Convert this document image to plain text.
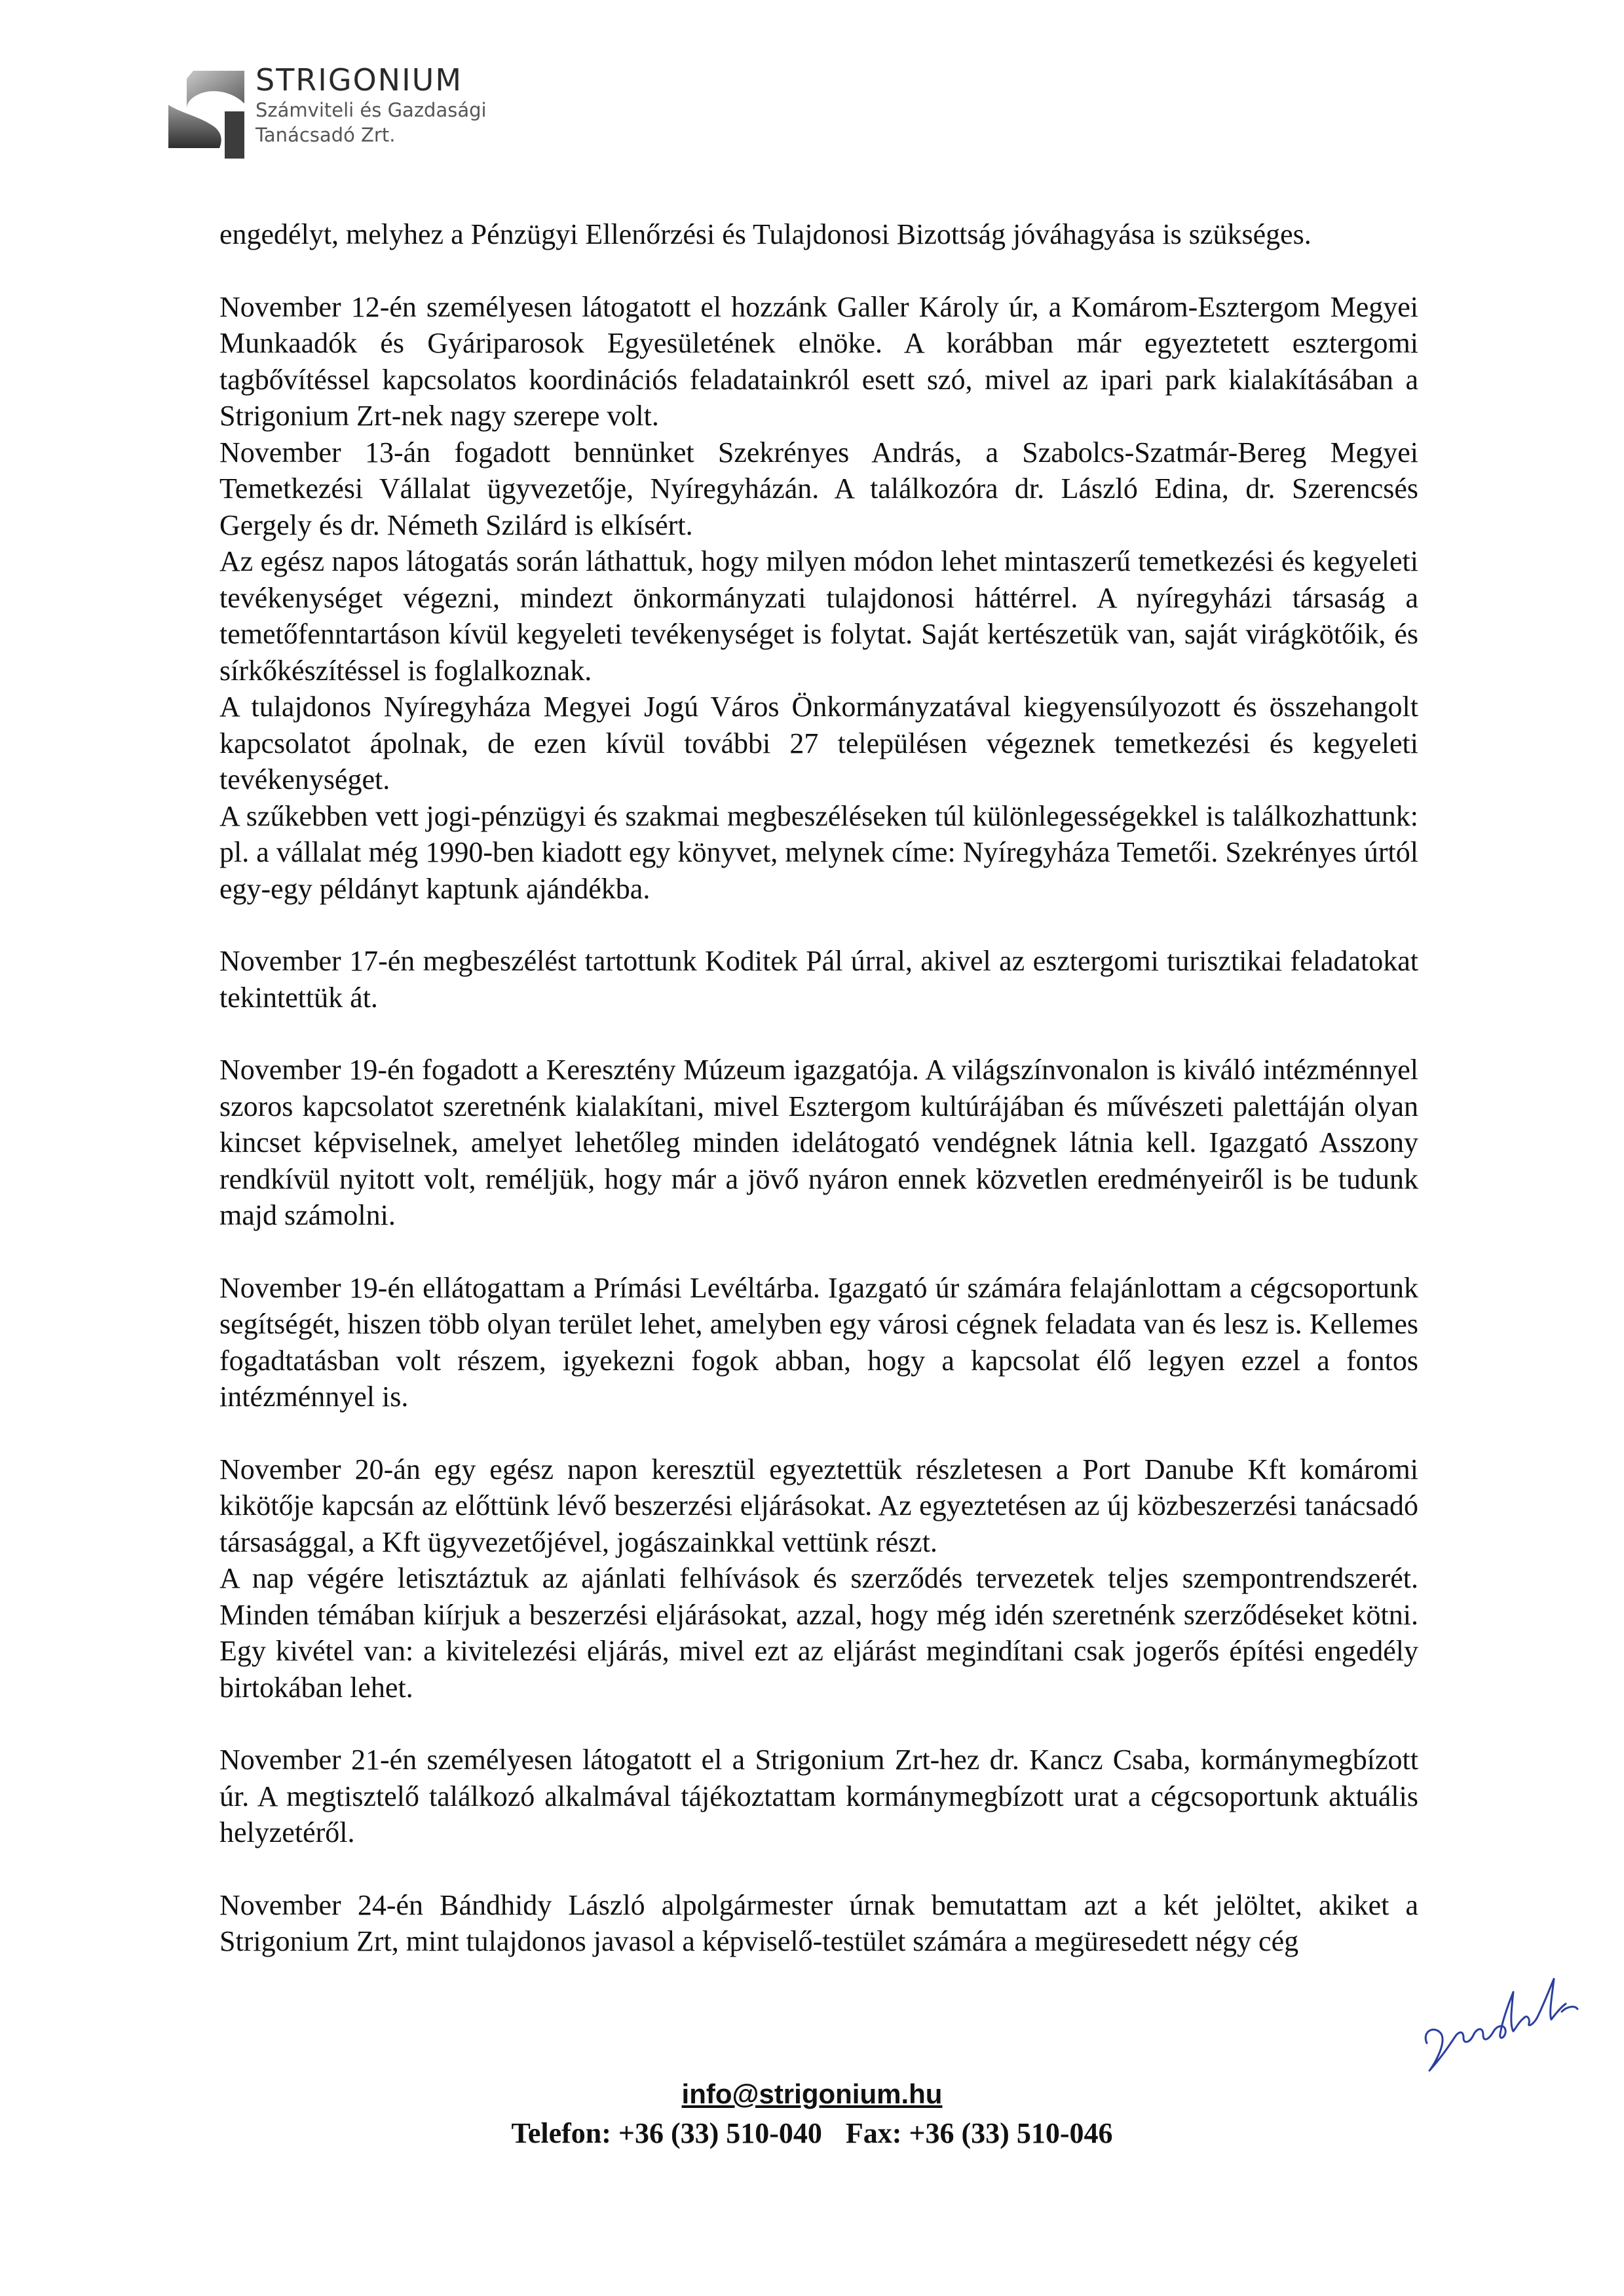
STRIGONIUM
Számviteli és Gazdasági
Tanácsadó Zrt.

engedélyt, melyhez a Pénzügyi Ellenőrzési és Tulajdonosi Bizottság jóváhagyása is szükséges.

November 12-én személyesen látogatott el hozzánk Galler Károly úr, a Komárom-Esztergom Megyei Munkaadók és Gyáriparosok Egyesületének elnöke. A korábban már egyeztetett esztergomi tagbővítéssel kapcsolatos koordinációs feladatainkról esett szó, mivel az ipari park kialakításában a Strigonium Zrt-nek nagy szerepe volt.

November 13-án fogadott bennünket Szekrényes András, a Szabolcs-Szatmár-Bereg Megyei Temetkezési Vállalat ügyvezetője, Nyíregyházán. A találkozóra dr. László Edina, dr. Szerencsés Gergely és dr. Németh Szilárd is elkísért.

Az egész napos látogatás során láthattuk, hogy milyen módon lehet mintaszerű temetkezési és kegyeleti tevékenységet végezni, mindezt önkormányzati tulajdonosi háttérrel. A nyíregyházi társaság a temetőfenntartáson kívül kegyeleti tevékenységet is folytat. Saját kertészetük van, saját virágkötőik, és sírkőkészítéssel is foglalkoznak.

A tulajdonos Nyíregyháza Megyei Jogú Város Önkormányzatával kiegyensúlyozott és összehangolt kapcsolatot ápolnak, de ezen kívül további 27 településen végeznek temetkezési és kegyeleti tevékenységet.

A szűkebben vett jogi-pénzügyi és szakmai megbeszéléseken túl különlegességekkel is találkozhattunk: pl. a vállalat még 1990-ben kiadott egy könyvet, melynek címe: Nyíregyháza Temetői. Szekrényes úrtól egy-egy példányt kaptunk ajándékba.

November 17-én megbeszélést tartottunk Koditek Pál úrral, akivel az esztergomi turisztikai feladatokat tekintettük át.

November 19-én fogadott a Keresztény Múzeum igazgatója. A világszínvonalon is kiváló intézménnyel szoros kapcsolatot szeretnénk kialakítani, mivel Esztergom kultúrájában és művészeti palettáján olyan kincset képviselnek, amelyet lehetőleg minden idelátogató vendégnek látnia kell. Igazgató Asszony rendkívül nyitott volt, reméljük, hogy már a jövő nyáron ennek közvetlen eredményeiről is be tudunk majd számolni.

November 19-én ellátogattam a Prímási Levéltárba. Igazgató úr számára felajánlottam a cégcsoportunk segítségét, hiszen több olyan terület lehet, amelyben egy városi cégnek feladata van és lesz is. Kellemes fogadtatásban volt részem, igyekezni fogok abban, hogy a kapcsolat élő legyen ezzel a fontos intézménnyel is.

November 20-án egy egész napon keresztül egyeztettük részletesen a Port Danube Kft komáromi kikötője kapcsán az előttünk lévő beszerzési eljárásokat. Az egyeztetésen az új közbeszerzési tanácsadó társasággal, a Kft ügyvezetőjével, jogászainkkal vettünk részt.

A nap végére letisztáztuk az ajánlati felhívások és szerződés tervezetek teljes szempontrendszerét. Minden témában kiírjuk a beszerzési eljárásokat, azzal, hogy még idén szeretnénk szerződéseket kötni. Egy kivétel van: a kivitelezési eljárás, mivel ezt az eljárást megindítani csak jogerős építési engedély birtokában lehet.

November 21-én személyesen látogatott el a Strigonium Zrt-hez dr. Kancz Csaba, kormánymegbízott úr. A megtisztelő találkozó alkalmával tájékoztattam kormánymegbízott urat a cégcsoportunk aktuális helyzetéről.

November 24-én Bándhidy László alpolgármester úrnak bemutattam azt a két jelöltet, akiket a Strigonium Zrt, mint tulajdonos javasol a képviselő-testület számára a megüresedett négy cég

info@strigonium.hu
Telefon: +36 (33) 510-040 Fax: +36 (33) 510-046
